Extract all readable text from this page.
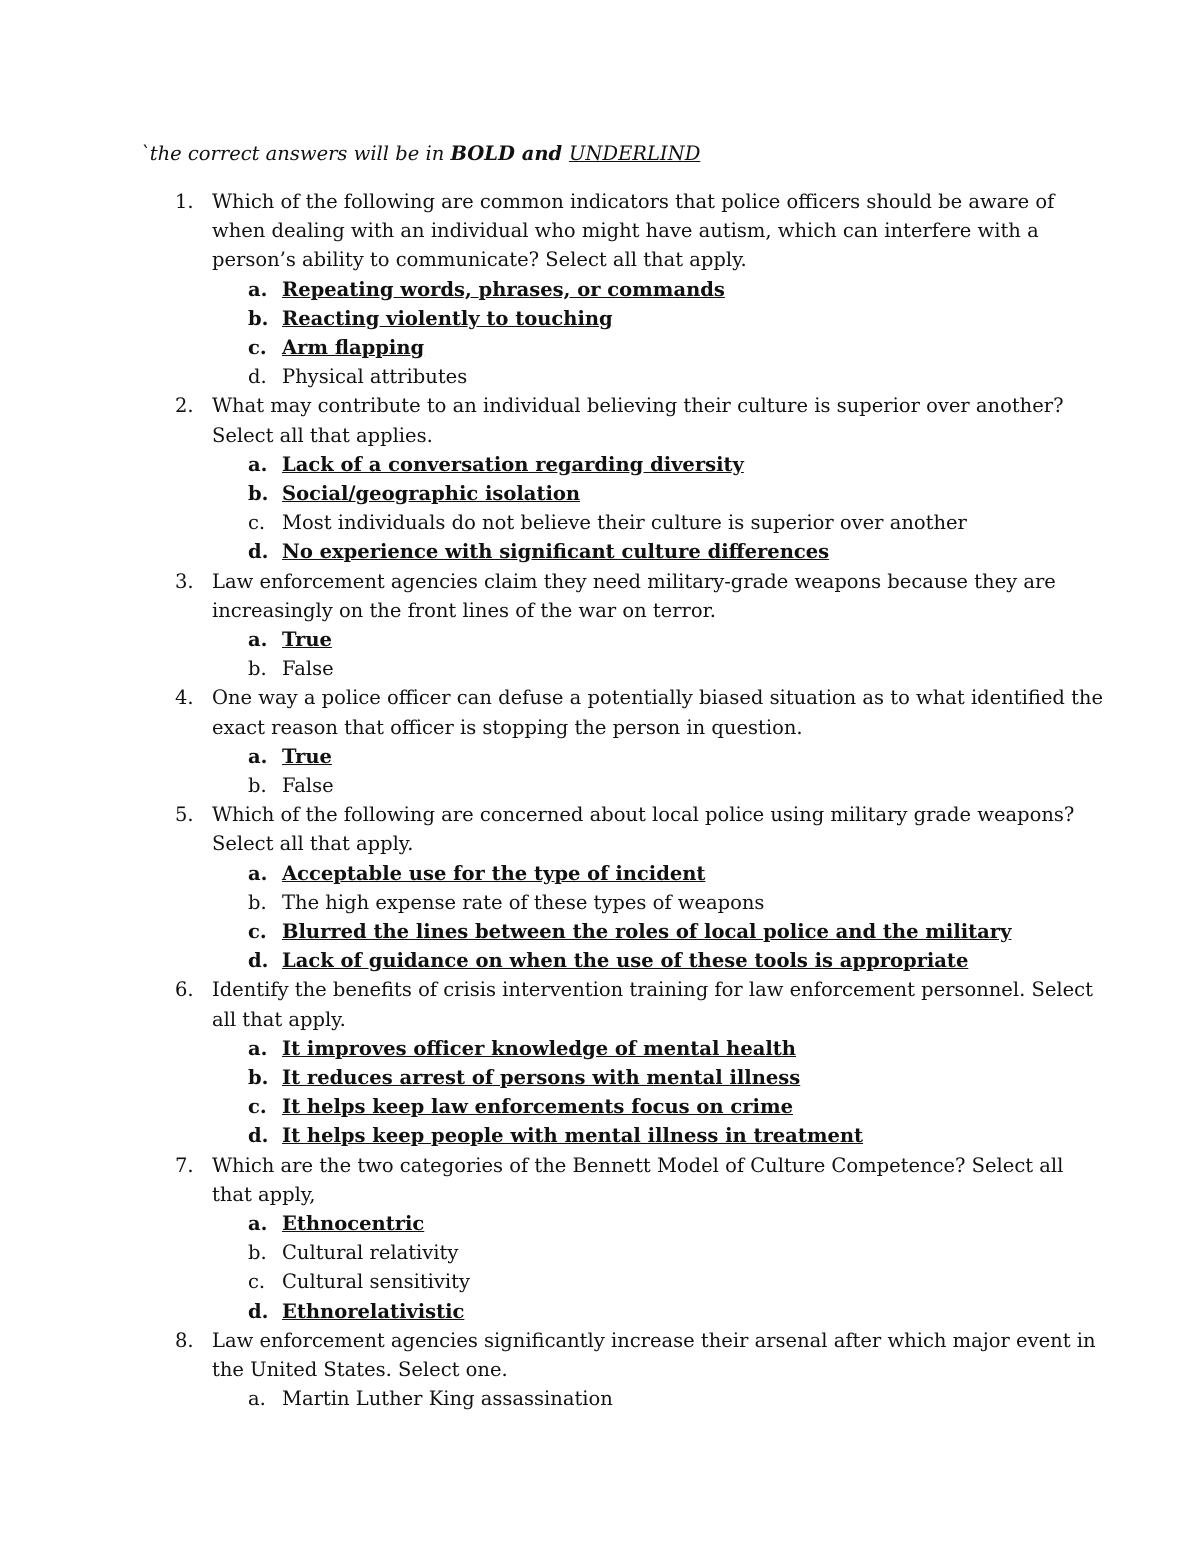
`the correct answers will be in BOLD and UNDERLIND
1. Which of the following are common indicators that police officers should be aware of
when dealing with an individual who might have autism, which can interfere with a
person’s ability to communicate? Select all that apply.
a. Repeating words, phrases, or commands
b. Reacting violently to touching
c. Arm flapping
d. Physical attributes
2. What may contribute to an individual believing their culture is superior over another?
Select all that applies.
a. Lack of a conversation regarding diversity
b. Social/geographic isolation
c. Most individuals do not believe their culture is superior over another
d. No experience with significant culture differences
3. Law enforcement agencies claim they need military-grade weapons because they are
increasingly on the front lines of the war on terror.
a. True
b. False
4. One way a police officer can defuse a potentially biased situation as to what identified the
exact reason that officer is stopping the person in question.
a. True
b. False
5. Which of the following are concerned about local police using military grade weapons?
Select all that apply.
a. Acceptable use for the type of incident
b. The high expense rate of these types of weapons
c. Blurred the lines between the roles of local police and the military
d. Lack of guidance on when the use of these tools is appropriate
6. Identify the benefits of crisis intervention training for law enforcement personnel. Select
all that apply.
a. It improves officer knowledge of mental health
b. It reduces arrest of persons with mental illness
c. It helps keep law enforcements focus on crime
d. It helps keep people with mental illness in treatment
7. Which are the two categories of the Bennett Model of Culture Competence? Select all
that apply,
a. Ethnocentric
b. Cultural relativity
c. Cultural sensitivity
d. Ethnorelativistic
8. Law enforcement agencies significantly increase their arsenal after which major event in
the United States. Select one.
a. Martin Luther King assassination
